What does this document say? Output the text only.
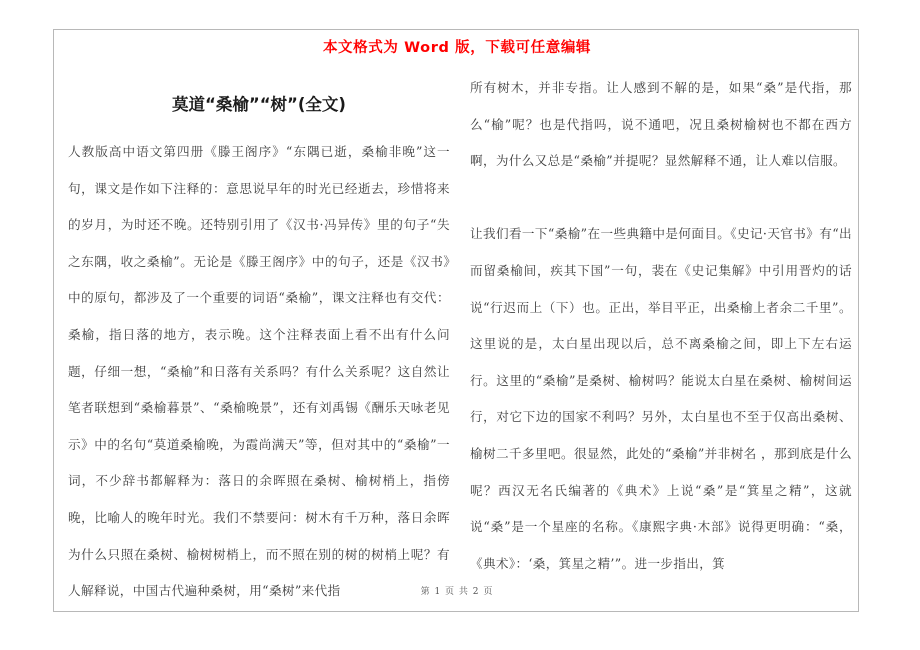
本文格式为 Word 版，下载可任意编辑
莫道“桑榆”“树”(全文)

人教版高中语文第四册《滕王阁序》“东隅已逝，桑榆非晚”这一句，课文是作如下注释的：意思说早年的时光已经逝去，珍惜将来的岁月，为时还不晚。还特别引用了《汉书·冯异传》里的句子“失之东隅，收之桑榆”。无论是《滕王阁序》中的句子，还是《汉书》中的原句，都涉及了一个重要的词语“桑榆”，课文注释也有交代：桑榆，指日落的地方，表示晚。这个注释表面上看不出有什么问题，仔细一想，“桑榆”和日落有关系吗？有什么关系呢？这自然让笔者联想到“桑榆暮景”、“桑榆晚景”，还有刘禹锡《酬乐天咏老见示》中的名句“莫道桑榆晚，为霞尚满天”等，但对其中的“桑榆”一词，不少辞书都解释为：落日的余晖照在桑树、榆树梢上，指傍晚，比喻人的晚年时光。我们不禁要问：树木有千万种，落日余晖为什么只照在桑树、榆树树梢上，而不照在别的树的树梢上呢？有人解释说，中国古代遍种桑树，用“桑树”来代指

所有树木，并非专指。让人感到不解的是，如果“桑”是代指，那么“榆”呢？也是代指吗，说不通吧，况且桑树榆树也不都在西方啊，为什么又总是“桑榆”并提呢？显然解释不通，让人难以信服。

让我们看一下“桑榆”在一些典籍中是何面目。《史记·天官书》有“出而留桑榆间，疾其下国”一句，裴在《史记集解》中引用晋灼的话说“行迟而上（下）也。正出，举目平正，出桑榆上者余二千里”。这里说的是，太白星出现以后，总不离桑榆之间，即上下左右运行。这里的“桑榆”是桑树、榆树吗？能说太白星在桑树、榆树间运行，对它下边的国家不利吗？另外，太白星也不至于仅高出桑树、榆树二千多里吧。很显然，此处的“桑榆”并非树名 ，那到底是什么呢？西汉无名氏编著的《典术》上说“桑”是“箕星之精”，这就说“桑”是一个星座的名称。《康熙字典·木部》说得更明确：“桑，《典术》：‘桑，箕星之精’”。进一步指出，箕

第 1 页 共 2 页
